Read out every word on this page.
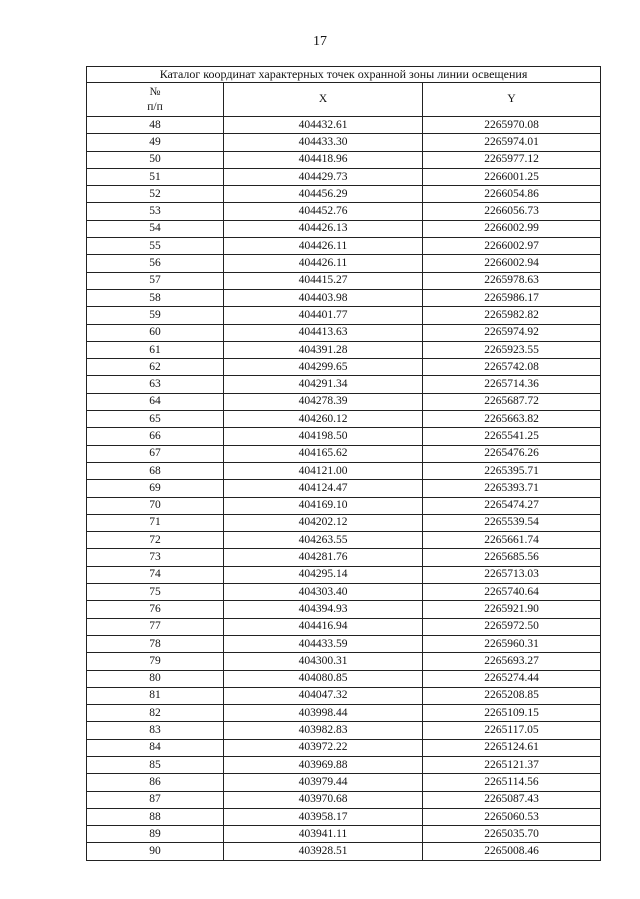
17
Каталог координат характерных точек охранной зоны линии освещения		
№
п/п	X	Y
48	404432.61	2265970.08
49	404433.30	2265974.01
50	404418.96	2265977.12
51	404429.73	2266001.25
52	404456.29	2266054.86
53	404452.76	2266056.73
54	404426.13	2266002.99
55	404426.11	2266002.97
56	404426.11	2266002.94
57	404415.27	2265978.63
58	404403.98	2265986.17
59	404401.77	2265982.82
60	404413.63	2265974.92
61	404391.28	2265923.55
62	404299.65	2265742.08
63	404291.34	2265714.36
64	404278.39	2265687.72
65	404260.12	2265663.82
66	404198.50	2265541.25
67	404165.62	2265476.26
68	404121.00	2265395.71
69	404124.47	2265393.71
70	404169.10	2265474.27
71	404202.12	2265539.54
72	404263.55	2265661.74
73	404281.76	2265685.56
74	404295.14	2265713.03
75	404303.40	2265740.64
76	404394.93	2265921.90
77	404416.94	2265972.50
78	404433.59	2265960.31
79	404300.31	2265693.27
80	404080.85	2265274.44
81	404047.32	2265208.85
82	403998.44	2265109.15
83	403982.83	2265117.05
84	403972.22	2265124.61
85	403969.88	2265121.37
86	403979.44	2265114.56
87	403970.68	2265087.43
88	403958.17	2265060.53
89	403941.11	2265035.70
90	403928.51	2265008.46
